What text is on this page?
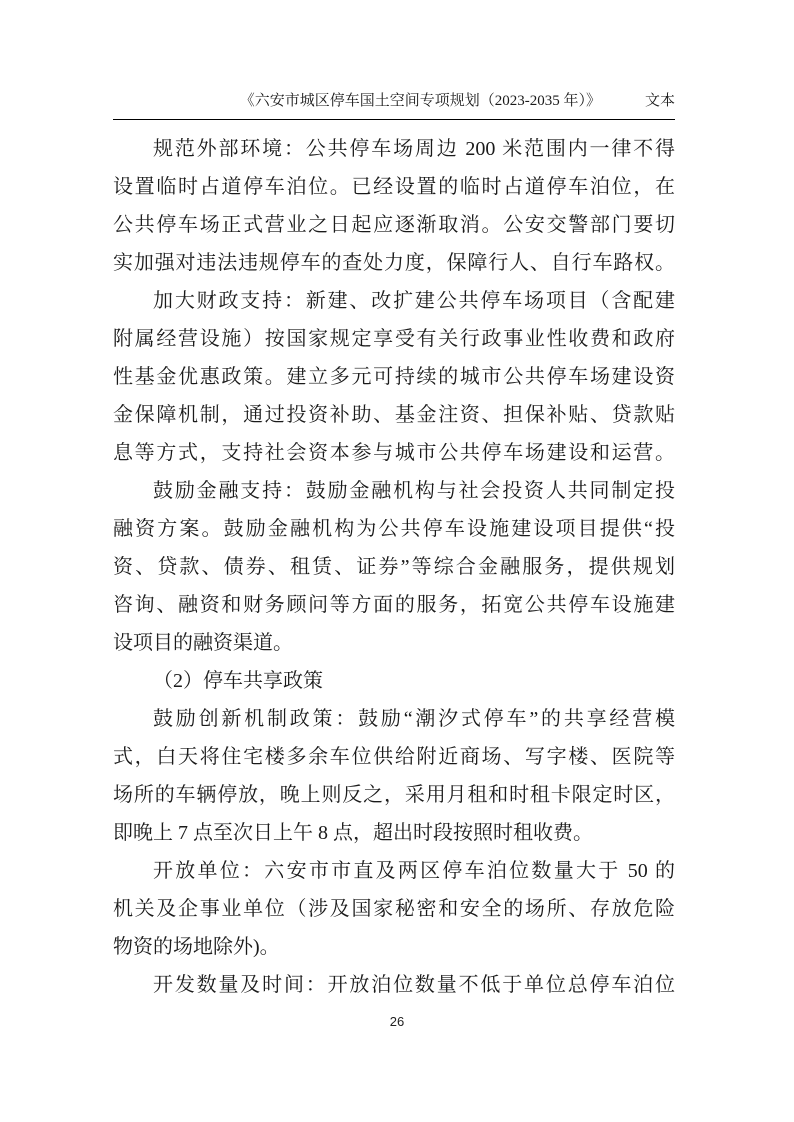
《六安市城区停车国土空间专项规划（2023-2035 年）》	文本
规范外部环境：公共停车场周边 200 米范围内一律不得
设置临时占道停车泊位。已经设置的临时占道停车泊位，在
公共停车场正式营业之日起应逐渐取消。公安交警部门要切
实加强对违法违规停车的查处力度，保障行人、自行车路权。
加大财政支持：新建、改扩建公共停车场项目（含配建
附属经营设施）按国家规定享受有关行政事业性收费和政府
性基金优惠政策。建立多元可持续的城市公共停车场建设资
金保障机制，通过投资补助、基金注资、担保补贴、贷款贴
息等方式，支持社会资本参与城市公共停车场建设和运营。
鼓励金融支持：鼓励金融机构与社会投资人共同制定投
融资方案。鼓励金融机构为公共停车设施建设项目提供“投
资、贷款、债券、租赁、证券”等综合金融服务，提供规划
咨询、融资和财务顾问等方面的服务，拓宽公共停车设施建
设项目的融资渠道。
（2）停车共享政策
鼓励创新机制政策：鼓励“潮汐式停车”的共享经营模
式，白天将住宅楼多余车位供给附近商场、写字楼、医院等
场所的车辆停放，晚上则反之，采用月租和时租卡限定时区，
即晚上 7 点至次日上午 8 点，超出时段按照时租收费。
开放单位：六安市市直及两区停车泊位数量大于 50 的
机关及企事业单位（涉及国家秘密和安全的场所、存放危险
物资的场地除外)。
开发数量及时间：开放泊位数量不低于单位总停车泊位
26
